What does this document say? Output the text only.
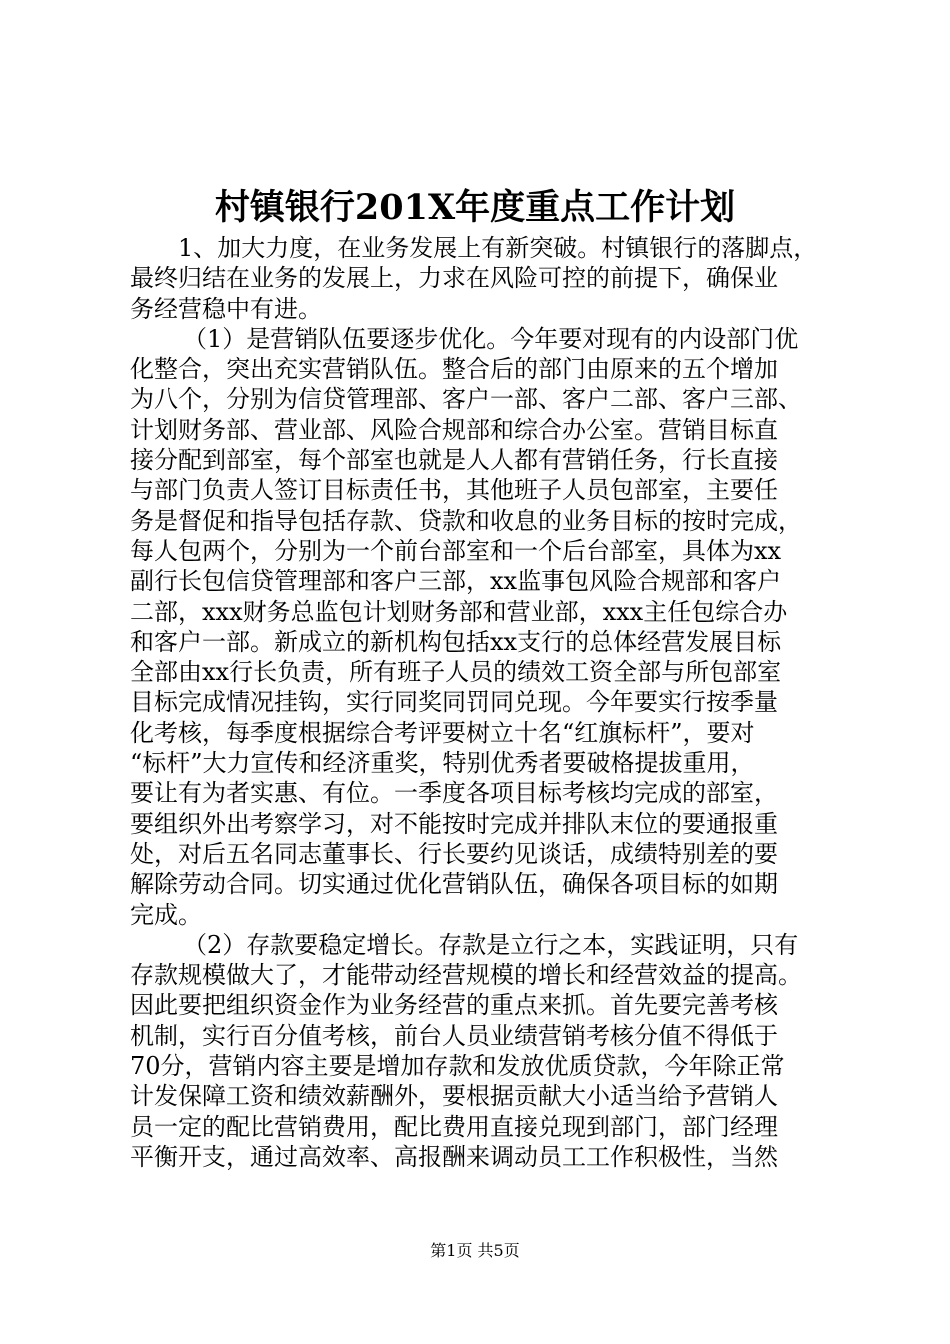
村镇银行201X年度重点工作计划
1、加大力度，在业务发展上有新突破。村镇银行的落脚点，
最终归结在业务的发展上，力求在风险可控的前提下，确保业
务经营稳中有进。
（1）是营销队伍要逐步优化。今年要对现有的内设部门优
化整合，突出充实营销队伍。整合后的部门由原来的五个增加
为八个，分别为信贷管理部、客户一部、客户二部、客户三部、
计划财务部、营业部、风险合规部和综合办公室。营销目标直
接分配到部室，每个部室也就是人人都有营销任务，行长直接
与部门负责人签订目标责任书，其他班子人员包部室，主要任
务是督促和指导包括存款、贷款和收息的业务目标的按时完成，
每人包两个，分别为一个前台部室和一个后台部室，具体为xx
副行长包信贷管理部和客户三部，xx监事包风险合规部和客户
二部，xxx财务总监包计划财务部和营业部，xxx主任包综合办
和客户一部。新成立的新机构包括xx支行的总体经营发展目标
全部由xx行长负责，所有班子人员的绩效工资全部与所包部室
目标完成情况挂钩，实行同奖同罚同兑现。今年要实行按季量
化考核，每季度根据综合考评要树立十名“红旗标杆”，要对
“标杆”大力宣传和经济重奖，特别优秀者要破格提拔重用，
要让有为者实惠、有位。一季度各项目标考核均完成的部室，
要组织外出考察学习，对不能按时完成并排队末位的要通报重
处，对后五名同志董事长、行长要约见谈话，成绩特别差的要
解除劳动合同。切实通过优化营销队伍，确保各项目标的如期
完成。
（2）存款要稳定增长。存款是立行之本，实践证明，只有
存款规模做大了，才能带动经营规模的增长和经营效益的提高。
因此要把组织资金作为业务经营的重点来抓。首先要完善考核
机制，实行百分值考核，前台人员业绩营销考核分值不得低于
70分，营销内容主要是增加存款和发放优质贷款，今年除正常
计发保障工资和绩效薪酬外，要根据贡献大小适当给予营销人
员一定的配比营销费用，配比费用直接兑现到部门，部门经理
平衡开支，通过高效率、高报酬来调动员工工作积极性，当然
第1页 共5页
